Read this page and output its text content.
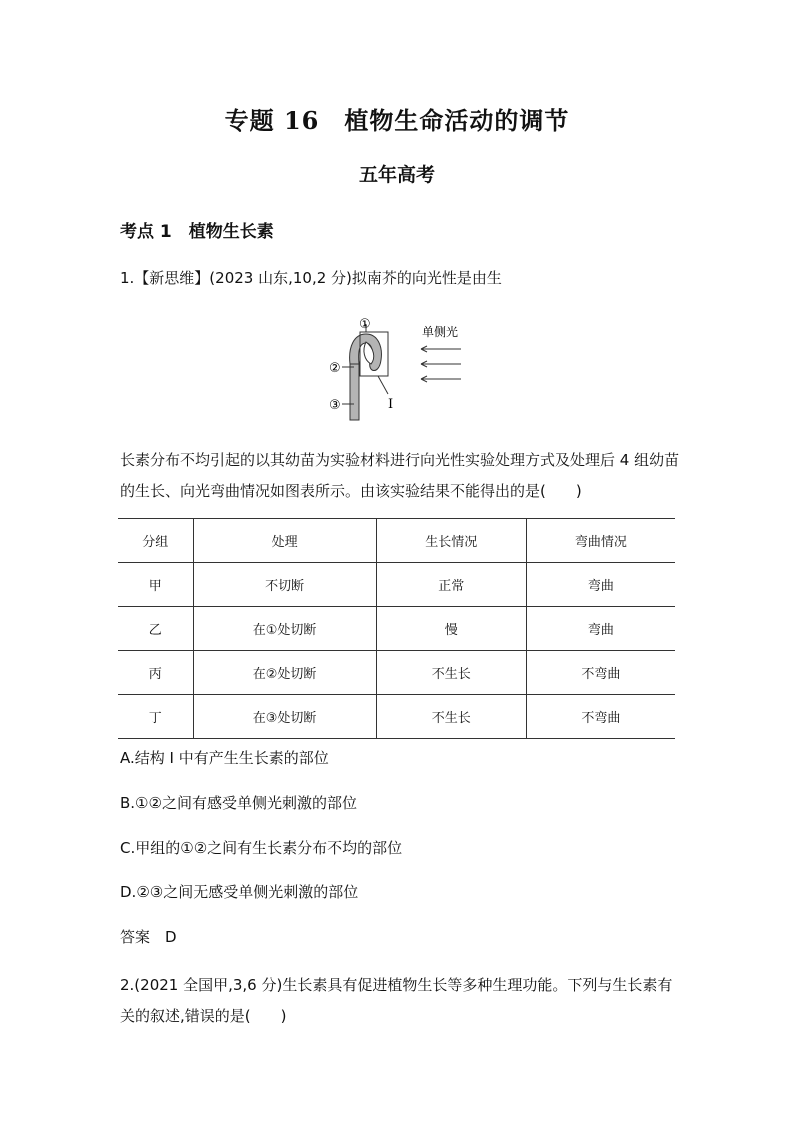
专题 16　植物生命活动的调节
五年高考
考点 1　植物生长素
1.【新思维】(2023 山东,10,2 分)拟南芥的向光性是由生
①
②
③	I
单侧光
长素分布不均引起的以其幼苗为实验材料进行向光性实验处理方式及处理后 4 组幼苗
的生长、向光弯曲情况如图表所示。由该实验结果不能得出的是(　　)
分组	处理	生长情况	弯曲情况
甲	不切断	正常	弯曲
乙	在①处切断	慢	弯曲
丙	在②处切断	不生长	不弯曲
丁	在③处切断	不生长	不弯曲
A.结构 I 中有产生生长素的部位
B.①②之间有感受单侧光刺激的部位
C.甲组的①②之间有生长素分布不均的部位
D.②③之间无感受单侧光刺激的部位
答案　D
2.(2021 全国甲,3,6 分)生长素具有促进植物生长等多种生理功能。下列与生长素有关的叙述,错误的是(　　)
